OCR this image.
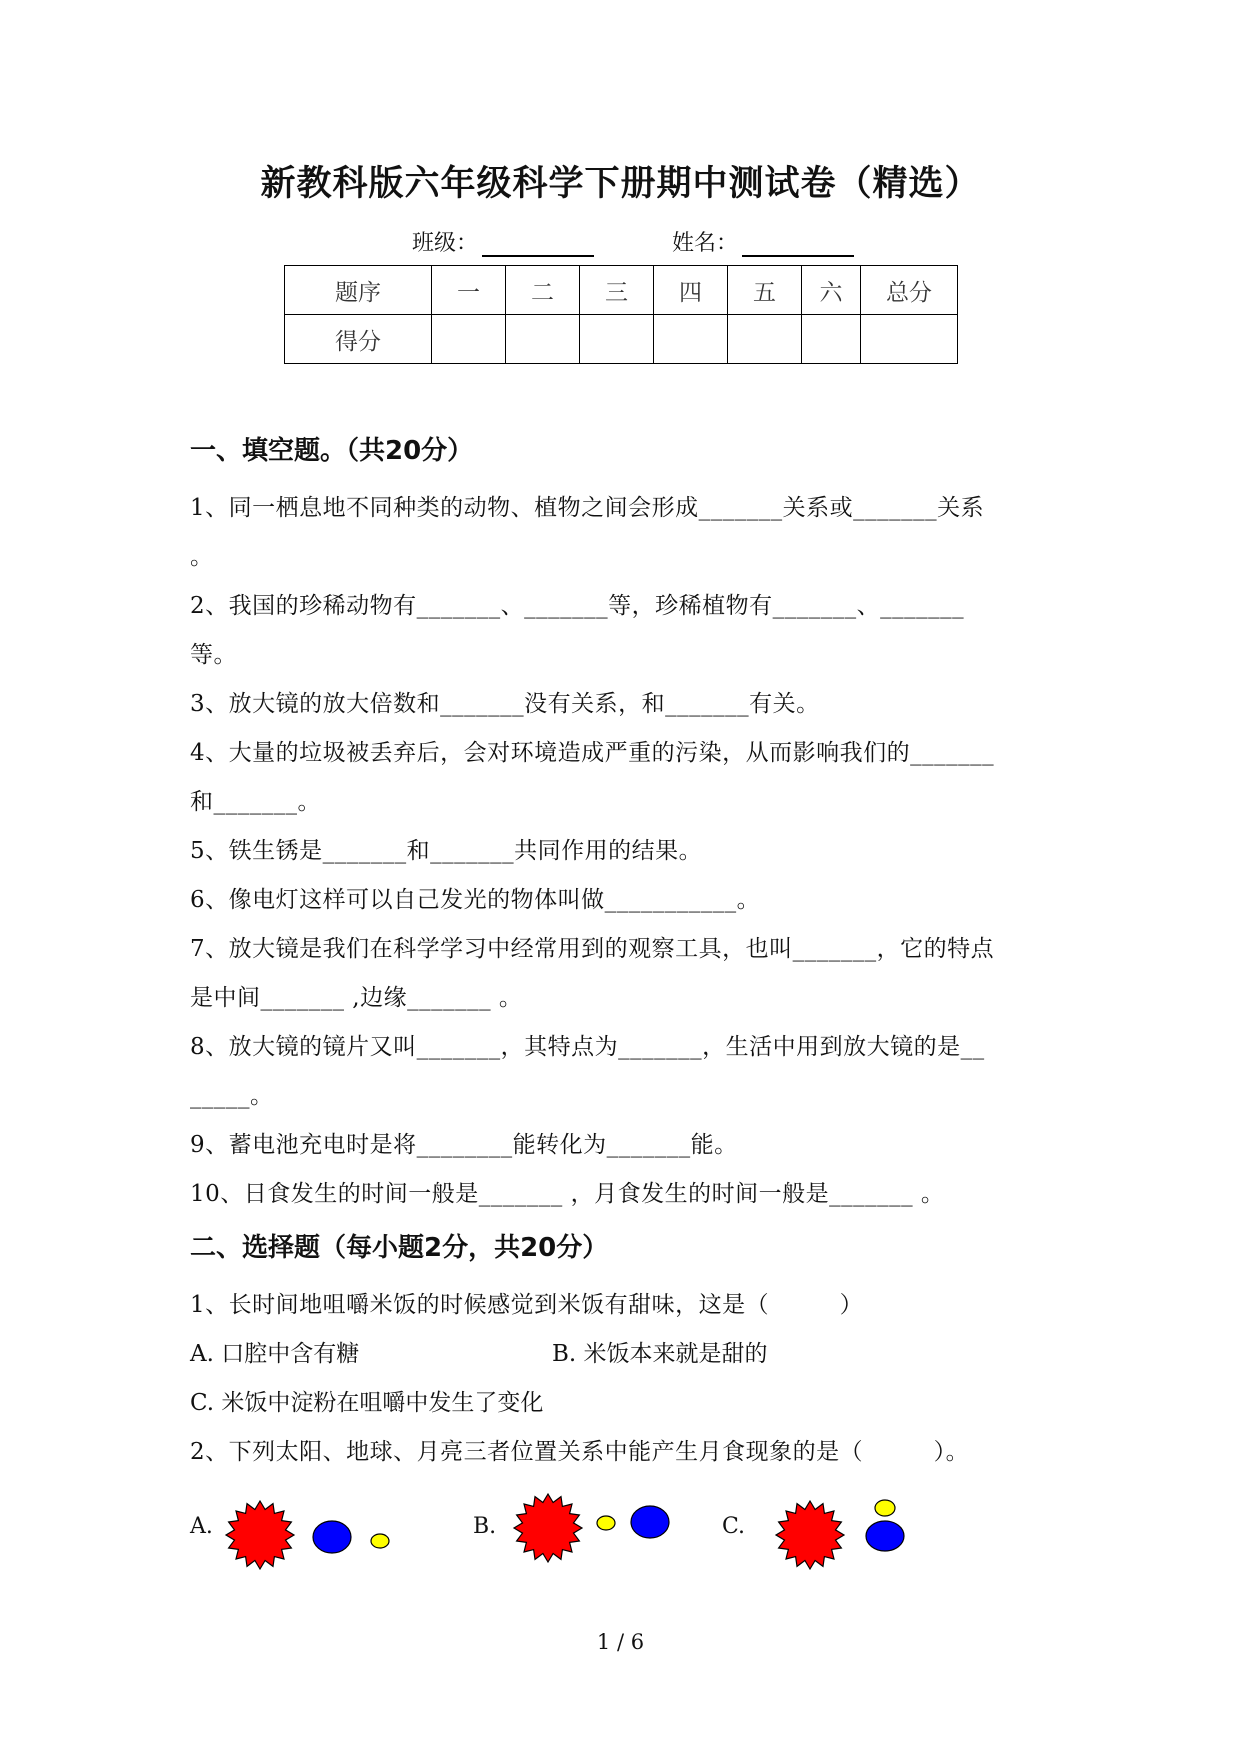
新教科版六年级科学下册期中测试卷（精选）
班级：	姓名：
题序	一	二	三	四	五	六	总分
得分							
一、填空题。（共20分）
1、同一栖息地不同种类的动物、植物之间会形成_______关系或_______关系
。
2、我国的珍稀动物有_______、_______等，珍稀植物有_______、_______
等。
3、放大镜的放大倍数和_______没有关系，和_______有关。
4、大量的垃圾被丢弃后，会对环境造成严重的污染，从而影响我们的_______
和_______。
5、铁生锈是_______和_______共同作用的结果。
6、像电灯这样可以自己发光的物体叫做___________。
7、放大镜是我们在科学学习中经常用到的观察工具，也叫_______，它的特点
是中间_______ ,边缘_______ 。
8、放大镜的镜片又叫_______，其特点为_______，生活中用到放大镜的是__
_____。
9、蓄电池充电时是将________能转化为_______能。
10、日食发生的时间一般是_______ ，月食发生的时间一般是_______ 。
二、选择题（每小题2分，共20分）
1、长时间地咀嚼米饭的时候感觉到米饭有甜味，这是（　　　）
A. 口腔中含有糖	B. 米饭本来就是甜的
C. 米饭中淀粉在咀嚼中发生了变化
2、下列太阳、地球、月亮三者位置关系中能产生月食现象的是（　　　）。
A.	B.	C.
1 / 6
